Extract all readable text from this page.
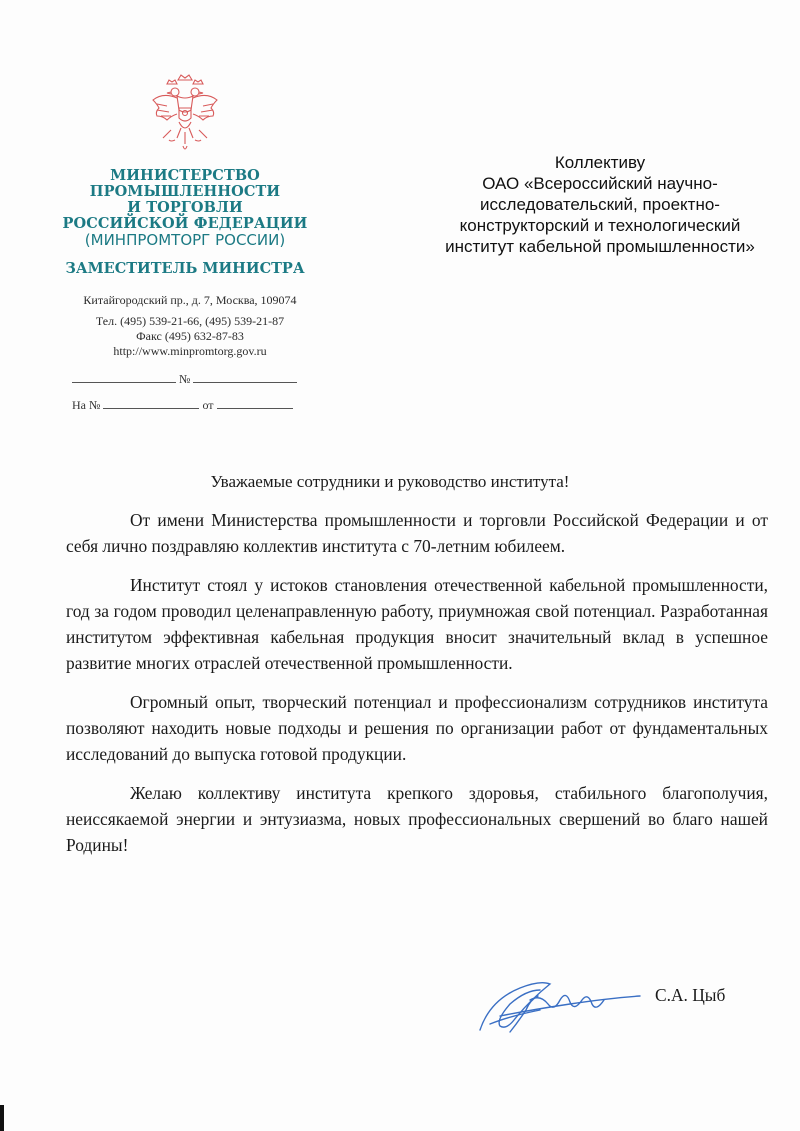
МИНИСТЕРСТВО
ПРОМЫШЛЕННОСТИ
И ТОРГОВЛИ
РОССИЙСКОЙ ФЕДЕРАЦИИ
(МИНПРОМТОРГ РОССИИ)
ЗАМЕСТИТЕЛЬ МИНИСТРА
Китайгородский пр., д. 7, Москва, 109074
Тел. (495) 539-21-66, (495) 539-21-87
Факс (495) 632-87-83
http://www.minpromtorg.gov.ru
№
На №	от
Коллективу
ОАО «Всероссийский научно-
исследовательский, проектно-
конструкторский и технологический
институт кабельной промышленности»
Уважаемые сотрудники и руководство института!

От имени Министерства промышленности и торговли Российской Федерации и от себя лично поздравляю коллектив института с 70-летним юбилеем.

Институт стоял у истоков становления отечественной кабельной промышленности, год за годом проводил целенаправленную работу, приумножая свой потенциал. Разработанная институтом эффективная кабельная продукция вносит значительный вклад в успешное развитие многих отраслей отечественной промышленности.

Огромный опыт, творческий потенциал и профессионализм сотрудников института позволяют находить новые подходы и решения по организации работ от фундаментальных исследований до выпуска готовой продукции.

Желаю коллективу института крепкого здоровья, стабильного благополучия, неиссякаемой энергии и энтузиазма, новых профессиональных свершений во благо нашей Родины!

С.А. Цыб
